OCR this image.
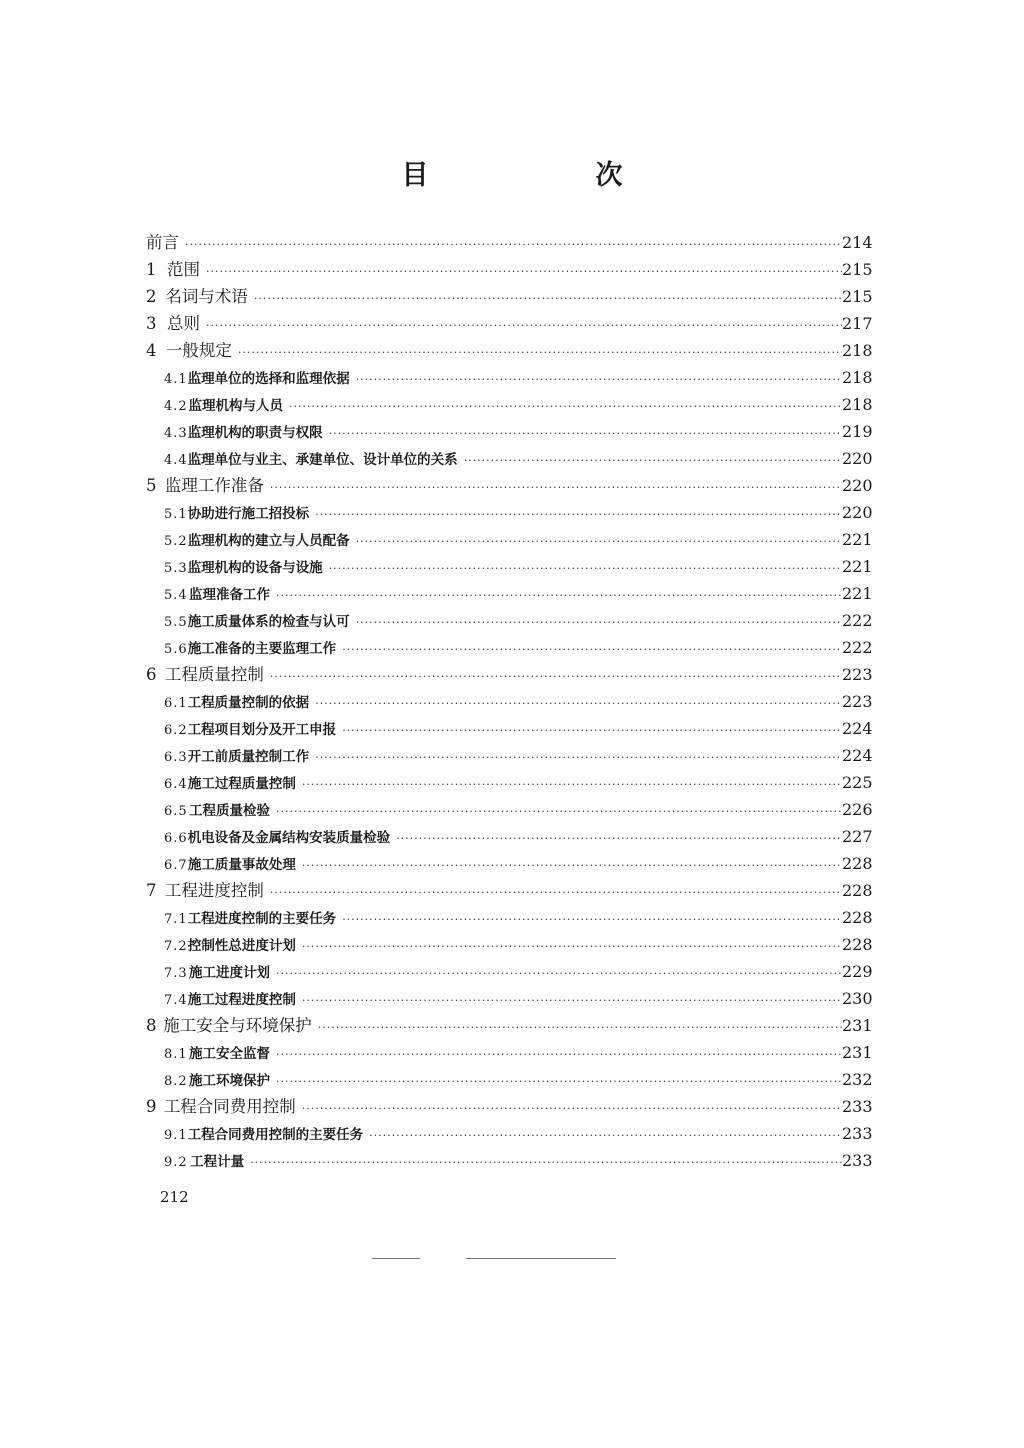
目　次
前言 ·····	214
1 范围 ·····	215
2 名词与术语 ·····	215
3 总则 ·····	217
4 一般规定 ·····	218
4.1 监理单位的选择和监理依据 ·····	218
4.2 监理机构与人员 ·····	218
4.3 监理机构的职责与权限 ·····	219
4.4 监理单位与业主、承建单位、设计单位的关系 ·····	220
5 监理工作准备 ·····	220
5.1 协助进行施工招投标 ·····	220
5.2 监理机构的建立与人员配备 ·····	221
5.3 监理机构的设备与设施 ·····	221
5.4 监理准备工作 ·····	221
5.5 施工质量体系的检查与认可 ·····	222
5.6 施工准备的主要监理工作 ·····	222
6 工程质量控制 ·····	223
6.1 工程质量控制的依据 ·····	223
6.2 工程项目划分及开工申报 ·····	224
6.3 开工前质量控制工作 ·····	224
6.4 施工过程质量控制 ·····	225
6.5 工程质量检验 ·····	226
6.6 机电设备及金属结构安装质量检验 ·····	227
6.7 施工质量事故处理 ·····	228
7 工程进度控制 ·····	228
7.1 工程进度控制的主要任务 ·····	228
7.2 控制性总进度计划 ·····	228
7.3 施工进度计划 ·····	229
7.4 施工过程进度控制 ·····	230
8 施工安全与环境保护 ·····	231
8.1 施工安全监督 ·····	231
8.2 施工环境保护 ·····	232
9 工程合同费用控制 ·····	233
9.1 工程合同费用控制的主要任务 ·····	233
9.2 工程计量 ·····	233
212
